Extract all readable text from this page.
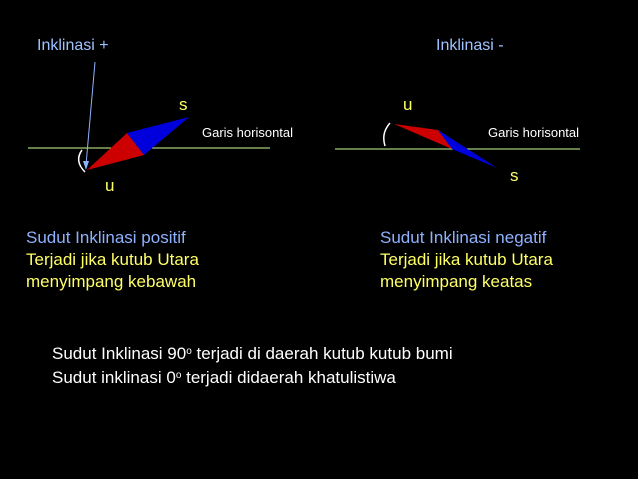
Inklinasi +
s
Garis horisontal
u
Sudut Inklinasi positif
Terjadi jika kutub Utara
menyimpang kebawah
Inklinasi -
u
Garis horisontal
s
Sudut Inklinasi negatif
Terjadi jika kutub Utara
menyimpang keatas
Sudut Inklinasi 90$^o$ terjadi di daerah kutub kutub bumi
Sudut inklinasi 0$^o$ terjadi didaerah khatulistiwa
